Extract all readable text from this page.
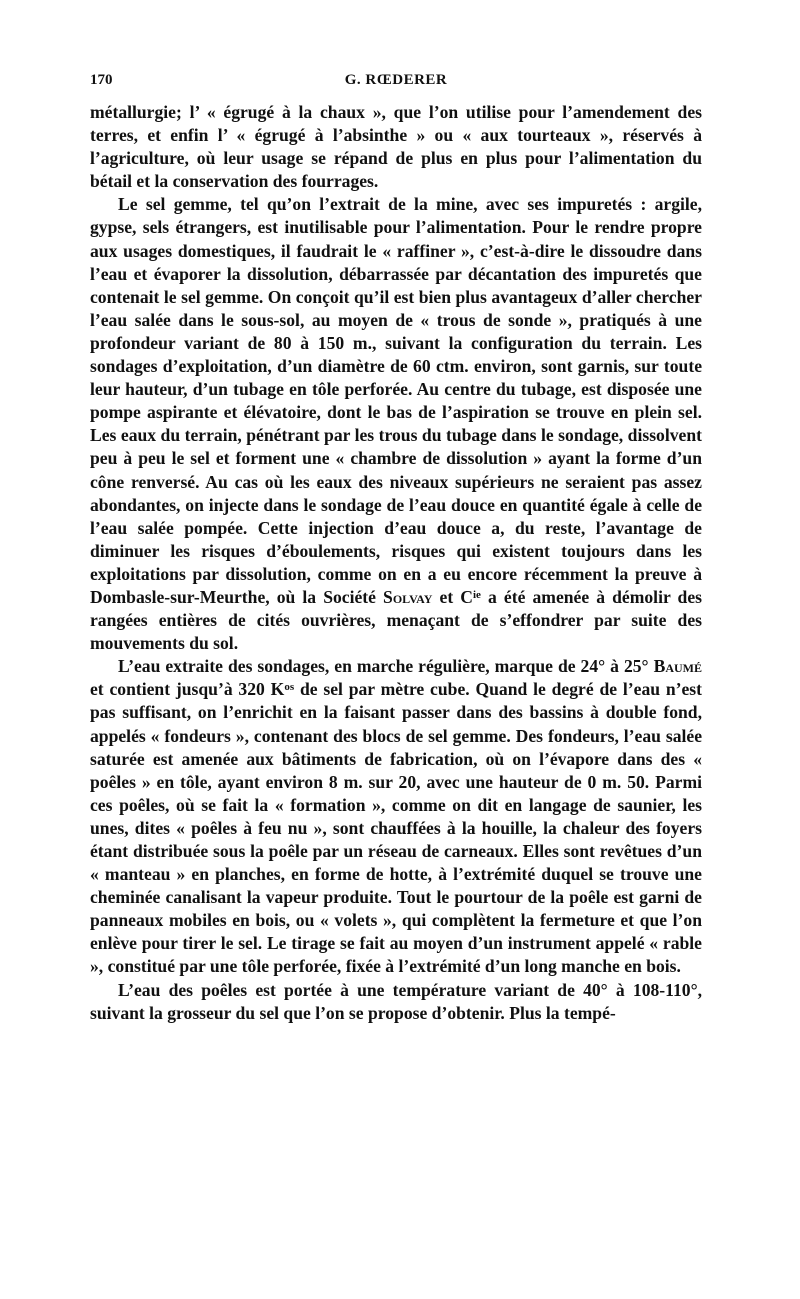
170	G. RŒDERER

métallurgie; l’ « égrugé à la chaux », que l’on utilise pour l’amendement des terres, et enfin l’ « égrugé à l’absinthe » ou « aux tourteaux », réservés à l’agriculture, où leur usage se répand de plus en plus pour l’alimentation du bétail et la conservation des fourrages.

Le sel gemme, tel qu’on l’extrait de la mine, avec ses impuretés : argile, gypse, sels étrangers, est inutilisable pour l’alimentation. Pour le rendre propre aux usages domestiques, il faudrait le « raffiner », c’est-à-dire le dissoudre dans l’eau et évaporer la dissolution, débarrassée par décantation des impuretés que contenait le sel gemme. On conçoit qu’il est bien plus avantageux d’aller chercher l’eau salée dans le sous-sol, au moyen de « trous de sonde », pratiqués à une profondeur variant de 80 à 150 m., suivant la configuration du terrain. Les sondages d’exploitation, d’un diamètre de 60 ctm. environ, sont garnis, sur toute leur hauteur, d’un tubage en tôle perforée. Au centre du tubage, est disposée une pompe aspirante et élévatoire, dont le bas de l’aspiration se trouve en plein sel. Les eaux du terrain, pénétrant par les trous du tubage dans le sondage, dissolvent peu à peu le sel et forment une « chambre de dissolution » ayant la forme d’un cône renversé. Au cas où les eaux des niveaux supérieurs ne seraient pas assez abondantes, on injecte dans le sondage de l’eau douce en quantité égale à celle de l’eau salée pompée. Cette injection d’eau douce a, du reste, l’avantage de diminuer les risques d’éboulements, risques qui existent toujours dans les exploitations par dissolution, comme on en a eu encore récemment la preuve à Dombasle-sur-Meurthe, où la Société Solvay et $C^{ie}$ a été amenée à démolir des rangées entières de cités ouvrières, menaçant de s’effondrer par suite des mouvements du sol.

L’eau extraite des sondages, en marche régulière, marque de 24° à 25° Baumé et contient jusqu’à 320 $K^{os}$ de sel par mètre cube. Quand le degré de l’eau n’est pas suffisant, on l’enrichit en la faisant passer dans des bassins à double fond, appelés « fondeurs », contenant des blocs de sel gemme. Des fondeurs, l’eau salée saturée est amenée aux bâtiments de fabrication, où on l’évapore dans des « poêles » en tôle, ayant environ 8 m. sur 20, avec une hauteur de 0 m. 50. Parmi ces poêles, où se fait la « formation », comme on dit en langage de saunier, les unes, dites « poêles à feu nu », sont chauffées à la houille, la chaleur des foyers étant distribuée sous la poêle par un réseau de carneaux. Elles sont revêtues d’un « manteau » en planches, en forme de hotte, à l’extrémité duquel se trouve une cheminée canalisant la vapeur produite. Tout le pourtour de la poêle est garni de panneaux mobiles en bois, ou « volets », qui complètent la fermeture et que l’on enlève pour tirer le sel. Le tirage se fait au moyen d’un instrument appelé « rable », constitué par une tôle perforée, fixée à l’extrémité d’un long manche en bois.

L’eau des poêles est portée à une température variant de 40° à 108-110°, suivant la grosseur du sel que l’on se propose d’obtenir. Plus la tempé-
